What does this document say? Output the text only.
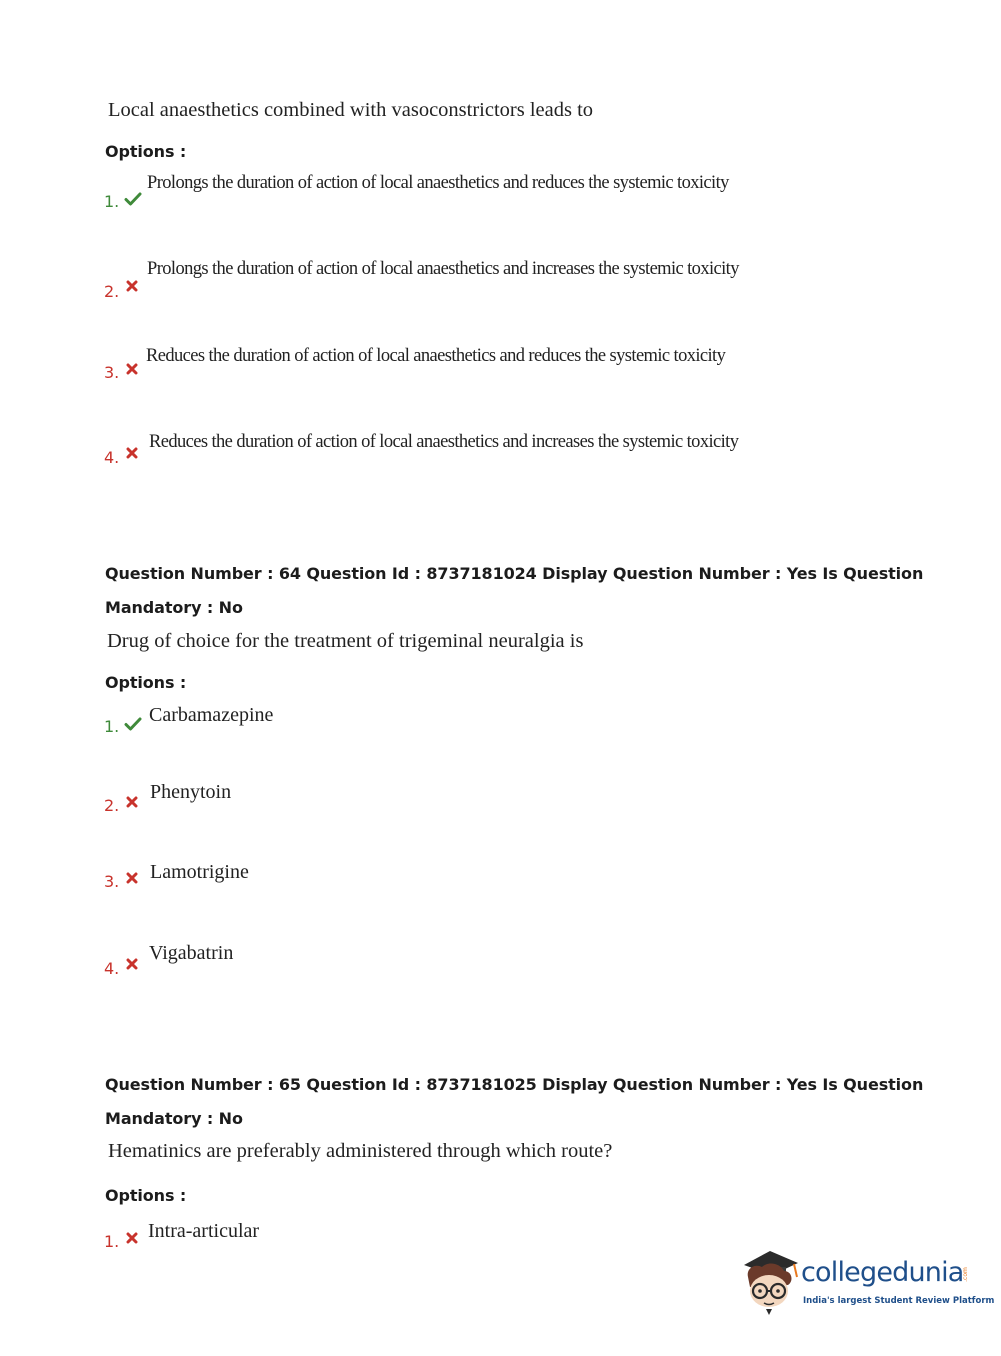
Local anaesthetics combined with vasoconstrictors leads to
Options :
1.
Prolongs the duration of action of local anaesthetics and reduces the systemic toxicity
2.
Prolongs the duration of action of local anaesthetics and increases the systemic toxicity
3.
Reduces the duration of action of local anaesthetics and reduces the systemic toxicity
4.
Reduces the duration of action of local anaesthetics and increases the systemic toxicity
Question Number : 64 Question Id : 8737181024 Display Question Number : Yes Is Question
Mandatory : No
Drug of choice for the treatment of trigeminal neuralgia is
Options :
1.
Carbamazepine
2.
Phenytoin
3. Lamotrigine
4.
Vigabatrin
Question Number : 65 Question Id : 8737181025 Display Question Number : Yes Is Question
Mandatory : No
Hematinics are preferably administered through which route?
Options :
1. Intra-articular
collegedunia
.com
India's largest Student Review Platform
